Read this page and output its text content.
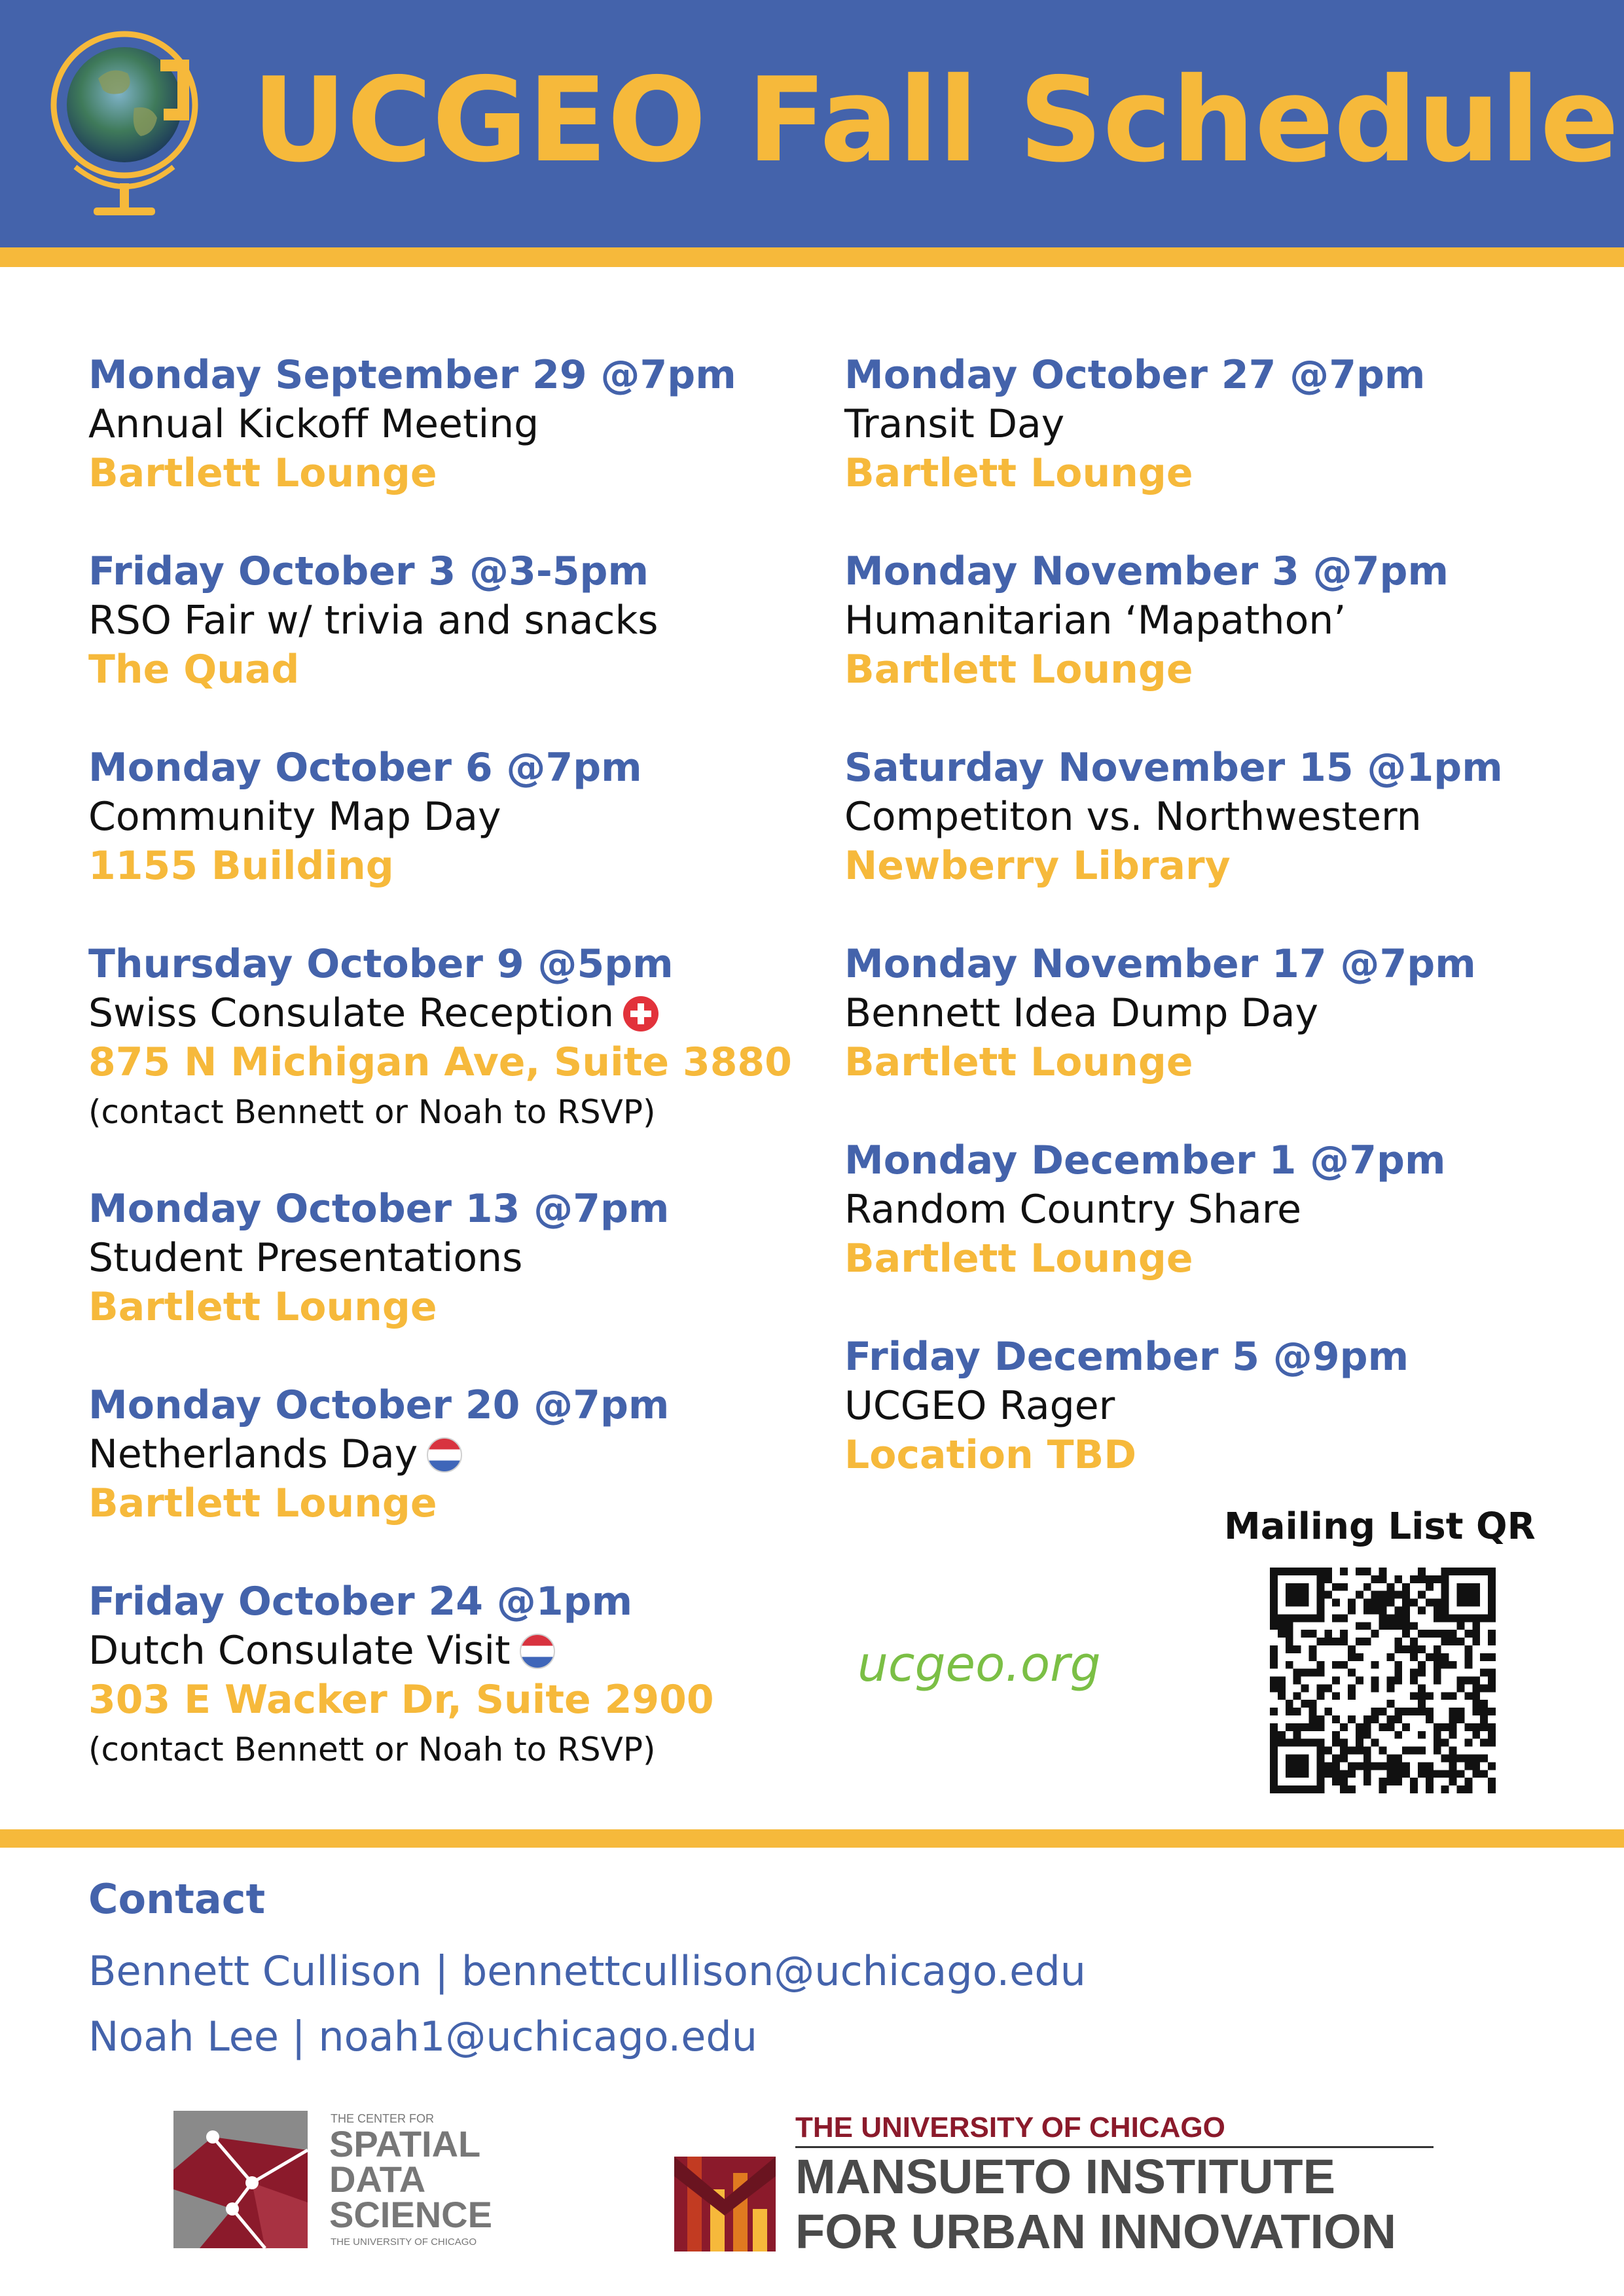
UCGEO Fall Schedule
Monday September 29 @7pm
Annual Kickoff Meeting
Bartlett Lounge
Friday October 3 @3-5pm
RSO Fair w/ trivia and snacks
The Quad
Monday October 6 @7pm
Community Map Day
1155 Building
Thursday October 9 @5pm
Swiss Consulate Reception
875 N Michigan Ave, Suite 3880
(contact Bennett or Noah to RSVP)
Monday October 13 @7pm
Student Presentations
Bartlett Lounge
Monday October 20 @7pm
Netherlands Day
Bartlett Lounge
Friday October 24 @1pm
Dutch Consulate Visit
303 E Wacker Dr, Suite 2900
(contact Bennett or Noah to RSVP)
Monday October 27 @7pm
Transit Day
Bartlett Lounge
Monday November 3 @7pm
Humanitarian ‘Mapathon’
Bartlett Lounge
Saturday November 15 @1pm
Competiton vs. Northwestern
Newberry Library
Monday November 17 @7pm
Bennett Idea Dump Day
Bartlett Lounge
Monday December 1 @7pm
Random Country Share
Bartlett Lounge
Friday December 5 @9pm
UCGEO Rager
Location TBD

ucgeo.org

Mailing List QR
Contact
Bennett Cullison | bennettcullison@uchicago.edu
Noah Lee | noah1@uchicago.edu
THE CENTER FOR
SPATIAL
DATA
SCIENCE
THE UNIVERSITY OF CHICAGO
THE UNIVERSITY OF CHICAGO
MANSUETO INSTITUTE
FOR URBAN INNOVATION
